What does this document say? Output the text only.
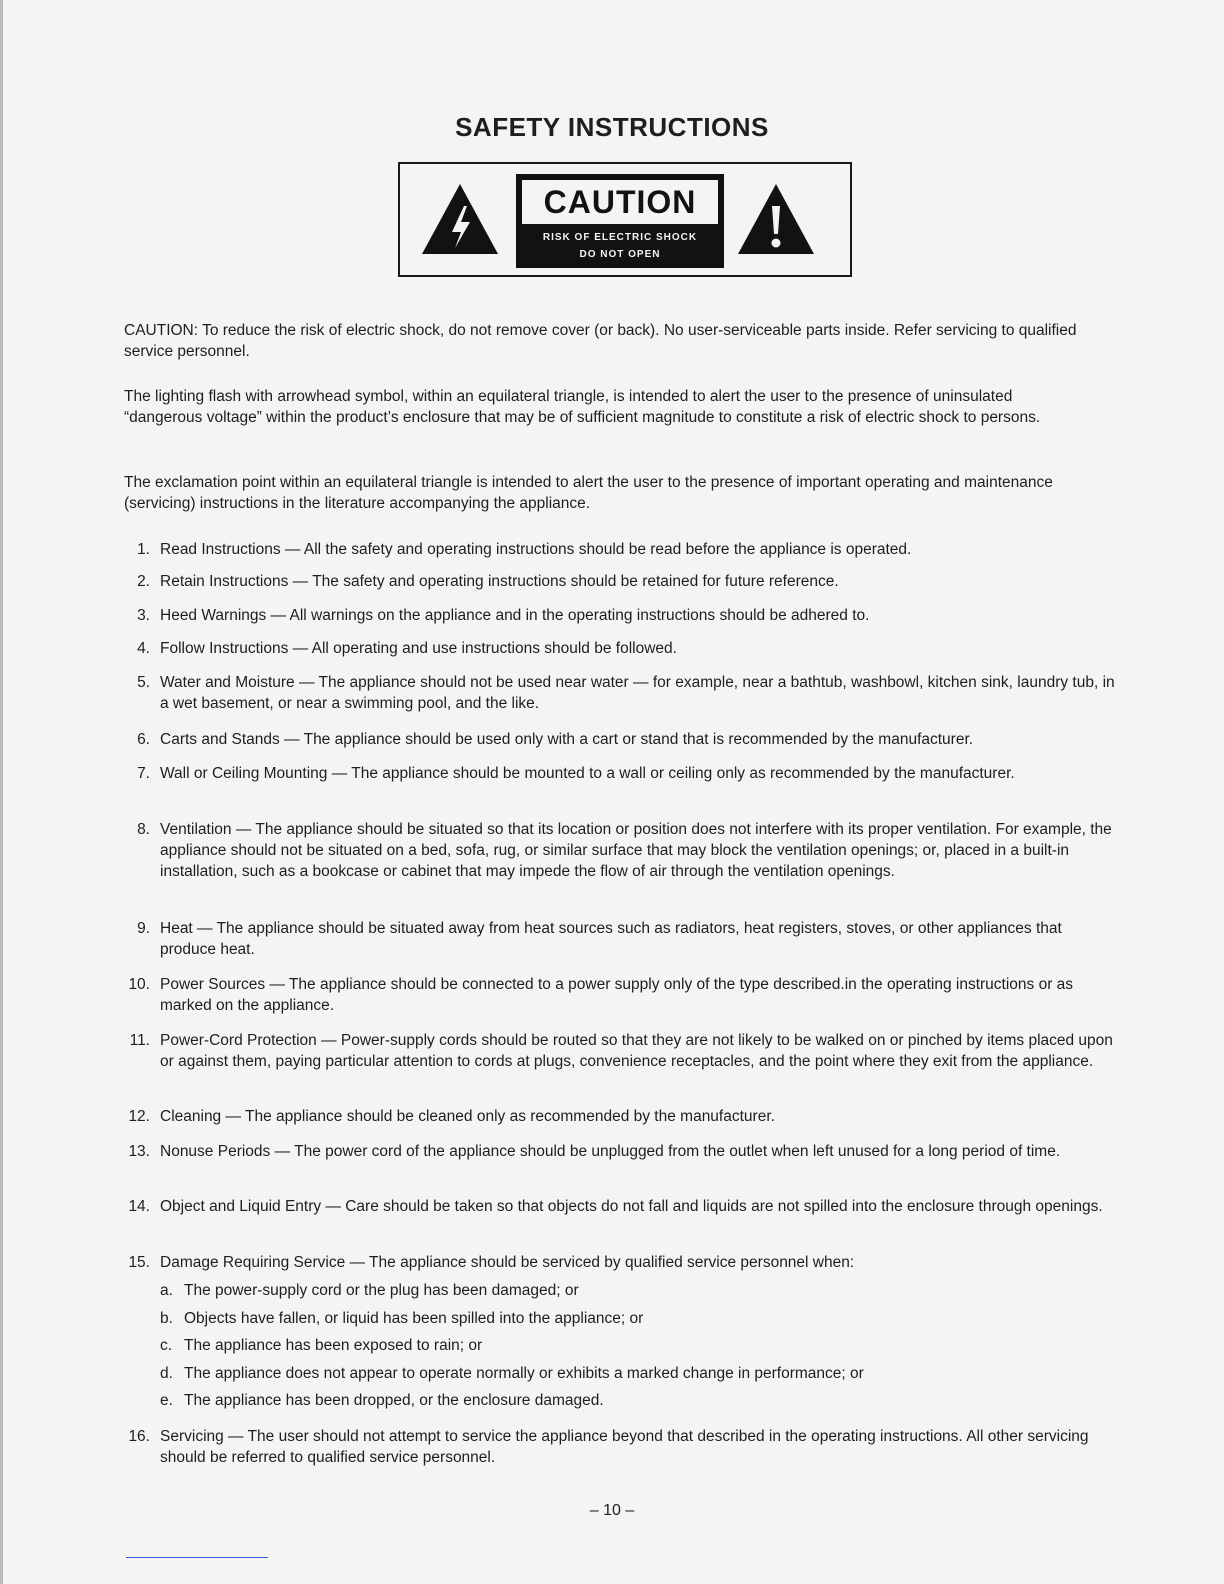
SAFETY INSTRUCTIONS
CAUTION
RISK OF ELECTRIC SHOCK
DO NOT OPEN

CAUTION: To reduce the risk of electric shock, do not remove cover (or back). No user-serviceable parts inside. Refer servicing to qualified service personnel.

The lighting flash with arrowhead symbol, within an equilateral triangle, is intended to alert the user to the presence of uninsulated “dangerous voltage” within the product’s enclosure that may be of sufficient magnitude to constitute a risk of electric shock to persons.

The exclamation point within an equilateral triangle is intended to alert the user to the presence of important operating and maintenance (servicing) instructions in the literature accompanying the appliance.

1. Read Instructions — All the safety and operating instructions should be read before the appliance is operated.
2. Retain Instructions — The safety and operating instructions should be retained for future reference.
3. Heed Warnings — All warnings on the appliance and in the operating instructions should be adhered to.
4. Follow Instructions — All operating and use instructions should be followed.
5. Water and Moisture — The appliance should not be used near water — for example, near a bathtub, washbowl, kitchen sink, laundry tub, in a wet basement, or near a swimming pool, and the like.
6. Carts and Stands — The appliance should be used only with a cart or stand that is recommended by the manufacturer.
7. Wall or Ceiling Mounting — The appliance should be mounted to a wall or ceiling only as recommended by the manufacturer.
8. Ventilation — The appliance should be situated so that its location or position does not interfere with its proper ventilation. For example, the appliance should not be situated on a bed, sofa, rug, or similar surface that may block the ventilation openings; or, placed in a built-in installation, such as a bookcase or cabinet that may impede the flow of air through the ventilation openings.
9. Heat — The appliance should be situated away from heat sources such as radiators, heat registers, stoves, or other appliances that produce heat.
10. Power Sources — The appliance should be connected to a power supply only of the type described.in the operating instructions or as marked on the appliance.
11. Power-Cord Protection — Power-supply cords should be routed so that they are not likely to be walked on or pinched by items placed upon or against them, paying particular attention to cords at plugs, convenience receptacles, and the point where they exit from the appliance.
12. Cleaning — The appliance should be cleaned only as recommended by the manufacturer.
13. Nonuse Periods — The power cord of the appliance should be unplugged from the outlet when left unused for a long period of time.
14. Object and Liquid Entry — Care should be taken so that objects do not fall and liquids are not spilled into the enclosure through openings.
15. Damage Requiring Service — The appliance should be serviced by qualified service personnel when:
a. The power-supply cord or the plug has been damaged; or
b. Objects have fallen, or liquid has been spilled into the appliance; or
c. The appliance has been exposed to rain; or
d. The appliance does not appear to operate normally or exhibits a marked change in performance; or
e. The appliance has been dropped, or the enclosure damaged.
16. Servicing — The user should not attempt to service the appliance beyond that described in the operating instructions. All other servicing should be referred to qualified service personnel.
– 10 –
